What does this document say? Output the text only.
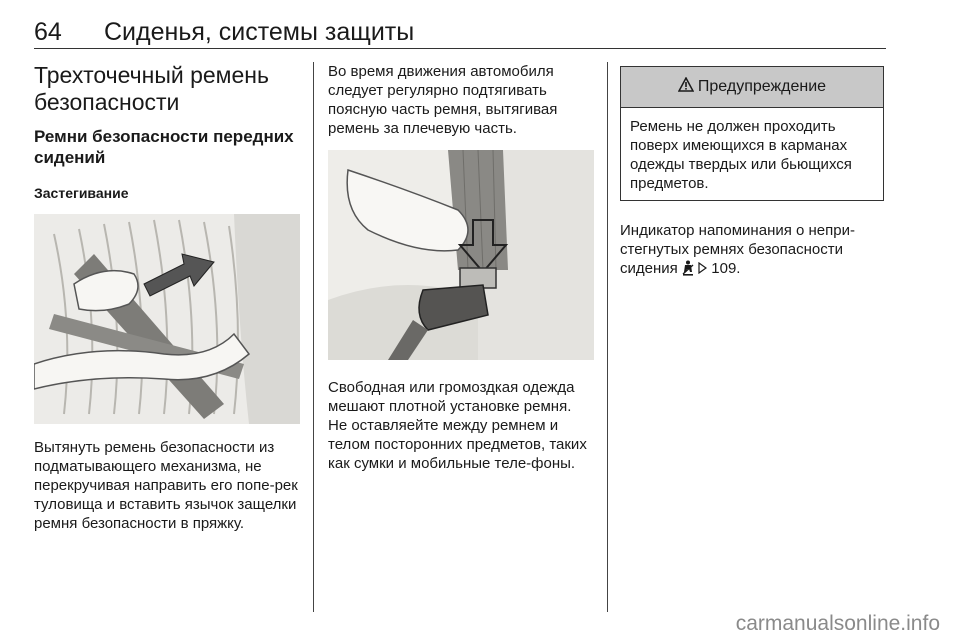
64 Сиденья, системы защиты
Трехточечный ремень безопасности
Ремни безопасности передних сидений
Застегивание

Вытянуть ремень безопасности из подматывающего механизма, не перекручивая направить его попе-рек туловища и вставить язычок защелки ремня безопасности в пряжку.

Во время движения автомобиля следует регулярно подтягивать поясную часть ремня, вытягивая ремень за плечевую часть.

Свободная или громоздкая одежда мешают плотной установке ремня. Не оставляейте между ремнем и телом посторонних предметов, таких как сумки и мобильные теле-фоны.

Предупреждение
Ремень не должен проходить поверх имеющихся в карманах одежды твердых или бьющихся предметов.

Индикатор напоминания о непри-стегнутых ремнях безопасности сидения 109.

carmanualsonline.info
